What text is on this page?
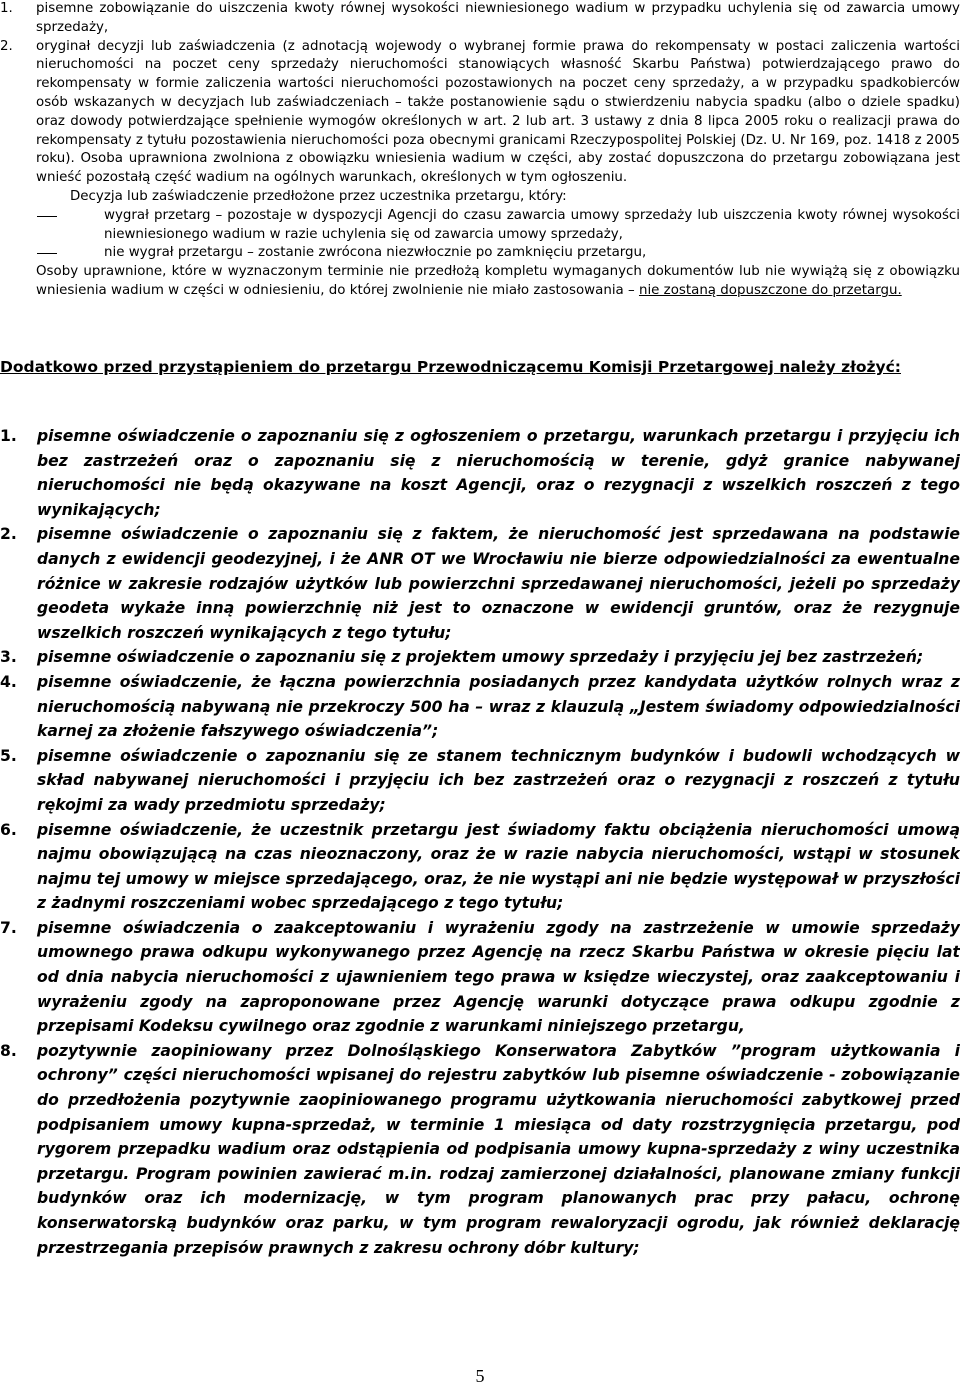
1.	pisemne zobowiązanie do uiszczenia kwoty równej wysokości niewniesionego wadium w przypadku uchylenia się od zawarcia umowy sprzedaży,
2.	oryginał decyzji lub zaświadczenia (z adnotacją wojewody o wybranej formie prawa do rekompensaty w postaci zaliczenia wartości nieruchomości na poczet ceny sprzedaży nieruchomości stanowiących własność Skarbu Państwa) potwierdzającego prawo do rekompensaty w formie zaliczenia wartości nieruchomości pozostawionych na poczet ceny sprzedaży, a w przypadku spadkobierców osób wskazanych w decyzjach lub zaświadczeniach – także postanowienie sądu o stwierdzeniu nabycia spadku (albo o dziele spadku) oraz dowody potwierdzające spełnienie wymogów określonych w art. 2 lub art. 3 ustawy z dnia 8 lipca 2005 roku o realizacji prawa do rekompensaty z tytułu pozostawienia nieruchomości poza obecnymi granicami Rzeczypospolitej Polskiej (Dz. U. Nr 169, poz. 1418 z 2005 roku). Osoba uprawniona zwolniona z obowiązku wniesienia wadium w części, aby zostać dopuszczona do przetargu zobowiązana jest wnieść pozostałą część wadium na ogólnych warunkach, określonych w tym ogłoszeniu.

Decyzja lub zaświadczenie przedłożone przez uczestnika przetargu, który:

wygrał przetarg – pozostaje w dyspozycji Agencji do czasu zawarcia umowy sprzedaży lub uiszczenia kwoty równej wysokości niewniesionego wadium w razie uchylenia się od zawarcia umowy sprzedaży,
nie wygrał przetargu – zostanie zwrócona niezwłocznie po zamknięciu przetargu,

Osoby uprawnione, które w wyznaczonym terminie nie przedłożą kompletu wymaganych dokumentów lub nie wywiążą się z obowiązku wniesienia wadium w części w odniesieniu, do której zwolnienie nie miało zastosowania – nie zostaną dopuszczone do przetargu.

Dodatkowo przed przystąpieniem do przetargu Przewodniczącemu Komisji Przetargowej należy złożyć:

1. pisemne oświadczenie o zapoznaniu się z ogłoszeniem o przetargu, warunkach przetargu i przyjęciu ich bez zastrzeżeń oraz o zapoznaniu się z nieruchomością w terenie, gdyż granice nabywanej nieruchomości nie będą okazywane na koszt Agencji, oraz o rezygnacji z wszelkich roszczeń z tego wynikających;
2. pisemne oświadczenie o zapoznaniu się z faktem, że nieruchomość jest sprzedawana na podstawie danych z ewidencji geodezyjnej, i że ANR OT we Wrocławiu nie bierze odpowiedzialności za ewentualne różnice w zakresie rodzajów użytków lub powierzchni sprzedawanej nieruchomości, jeżeli po sprzedaży geodeta wykaże inną powierzchnię niż jest to oznaczone w ewidencji gruntów, oraz że rezygnuje wszelkich roszczeń wynikających z tego tytułu;
3. pisemne oświadczenie o zapoznaniu się z projektem umowy sprzedaży i przyjęciu jej bez zastrzeżeń;
4. pisemne oświadczenie, że łączna powierzchnia posiadanych przez kandydata użytków rolnych wraz z nieruchomością nabywaną nie przekroczy 500 ha – wraz z klauzulą „Jestem świadomy odpowiedzialności karnej za złożenie fałszywego oświadczenia”;
5. pisemne oświadczenie o zapoznaniu się ze stanem technicznym budynków i budowli wchodzących w skład nabywanej nieruchomości i przyjęciu ich bez zastrzeżeń oraz o rezygnacji z roszczeń z tytułu rękojmi za wady przedmiotu sprzedaży;
6. pisemne oświadczenie, że uczestnik przetargu jest świadomy faktu obciążenia nieruchomości umową najmu obowiązującą na czas nieoznaczony, oraz że w razie nabycia nieruchomości, wstąpi w stosunek najmu tej umowy w miejsce sprzedającego, oraz, że nie wystąpi ani nie będzie występował w przyszłości z żadnymi roszczeniami wobec sprzedającego z tego tytułu;
7. pisemne oświadczenia o zaakceptowaniu i wyrażeniu zgody na zastrzeżenie w umowie sprzedaży umownego prawa odkupu wykonywanego przez Agencję na rzecz Skarbu Państwa w okresie pięciu lat od dnia nabycia nieruchomości z ujawnieniem tego prawa w księdze wieczystej, oraz zaakceptowaniu i wyrażeniu zgody na zaproponowane przez Agencję warunki dotyczące prawa odkupu zgodnie z przepisami Kodeksu cywilnego oraz zgodnie z warunkami niniejszego przetargu,
8. pozytywnie zaopiniowany przez Dolnośląskiego Konserwatora Zabytków ”program użytkowania i ochrony” części nieruchomości wpisanej do rejestru zabytków lub pisemne oświadczenie - zobowiązanie do przedłożenia pozytywnie zaopiniowanego programu użytkowania nieruchomości zabytkowej przed podpisaniem umowy kupna-sprzedaż, w terminie 1 miesiąca od daty rozstrzygnięcia przetargu, pod rygorem przepadku wadium oraz odstąpienia od podpisania umowy kupna-sprzedaży z winy uczestnika przetargu. Program powinien zawierać m.in. rodzaj zamierzonej działalności, planowane zmiany funkcji budynków oraz ich modernizację, w tym program planowanych prac przy pałacu, ochronę konserwatorską budynków oraz parku, w tym program rewaloryzacji ogrodu, jak również deklarację przestrzegania przepisów prawnych z zakresu ochrony dóbr kultury;
5
